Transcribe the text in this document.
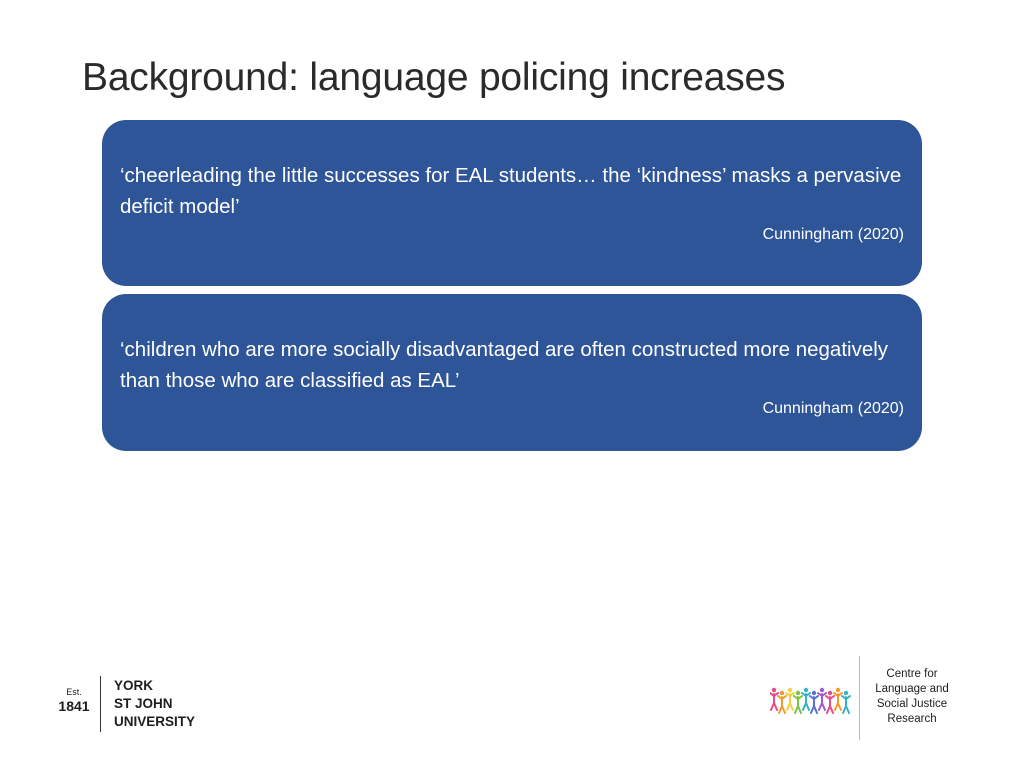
Background: language policing increases

‘cheerleading the little successes for EAL students… the ‘kindness’ masks a pervasive deficit model’

Cunningham (2020)

‘children who are more socially disadvantaged are often constructed more negatively than those who are classified as EAL’

Cunningham (2020)

Est.
1841
YORK
ST JOHN
UNIVERSITY
Centre for
Language and
Social Justice
Research
